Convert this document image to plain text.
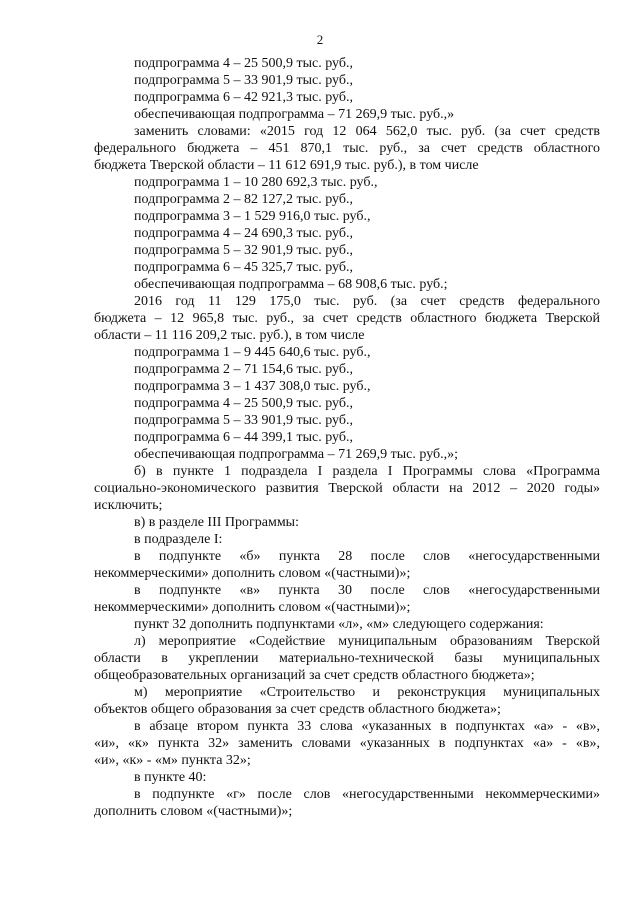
2

подпрограмма 4 – 25 500,9 тыс. руб.,

подпрограмма 5 – 33 901,9 тыс. руб.,

подпрограмма 6 – 42 921,3 тыс. руб.,

обеспечивающая подпрограмма – 71 269,9 тыс. руб.,»

заменить словами: «2015 год 12 064 562,0 тыс. руб. (за счет средств

федерального бюджета – 451 870,1 тыс. руб., за счет средств областного

бюджета Тверской области – 11 612 691,9 тыс. руб.), в том числе

подпрограмма 1 – 10 280 692,3 тыс. руб.,

подпрограмма 2 – 82 127,2 тыс. руб.,

подпрограмма 3 – 1 529 916,0 тыс. руб.,

подпрограмма 4 – 24 690,3 тыс. руб.,

подпрограмма 5 – 32 901,9 тыс. руб.,

подпрограмма 6 – 45 325,7 тыс. руб.,

обеспечивающая подпрограмма – 68 908,6 тыс. руб.;

2016 год 11 129 175,0 тыс. руб. (за счет средств федерального

бюджета – 12 965,8 тыс. руб., за счет средств областного бюджета Тверской

области – 11 116 209,2 тыс. руб.), в том числе

подпрограмма 1 – 9 445 640,6 тыс. руб.,

подпрограмма 2 – 71 154,6 тыс. руб.,

подпрограмма 3 – 1 437 308,0 тыс. руб.,

подпрограмма 4 – 25 500,9 тыс. руб.,

подпрограмма 5 – 33 901,9 тыс. руб.,

подпрограмма 6 – 44 399,1 тыс. руб.,

обеспечивающая подпрограмма – 71 269,9 тыс. руб.,»;

б) в пункте 1 подраздела I раздела I Программы слова «Программа

социально-экономического развития Тверской области на 2012 – 2020 годы»

исключить;

в) в разделе III Программы:

в подразделе I:

в подпункте «б» пункта 28 после слов «негосударственными

некоммерческими» дополнить словом «(частными)»;

в подпункте «в» пункта 30 после слов «негосударственными

некоммерческими» дополнить словом «(частными)»;

пункт 32 дополнить подпунктами «л», «м» следующего содержания:

л) мероприятие «Содействие муниципальным образованиям Тверской

области в укреплении материально-технической базы муниципальных

общеобразовательных организаций за счет средств областного бюджета»;

м) мероприятие «Строительство и реконструкция муниципальных

объектов общего образования за счет средств областного бюджета»;

в абзаце втором пункта 33 слова «указанных в подпунктах «а» - «в»,

«и», «к» пункта 32» заменить словами «указанных в подпунктах «а» - «в»,

«и», «к» - «м» пункта 32»;

в пункте 40:

в подпункте «г» после слов «негосударственными некоммерческими»

дополнить словом «(частными)»;
